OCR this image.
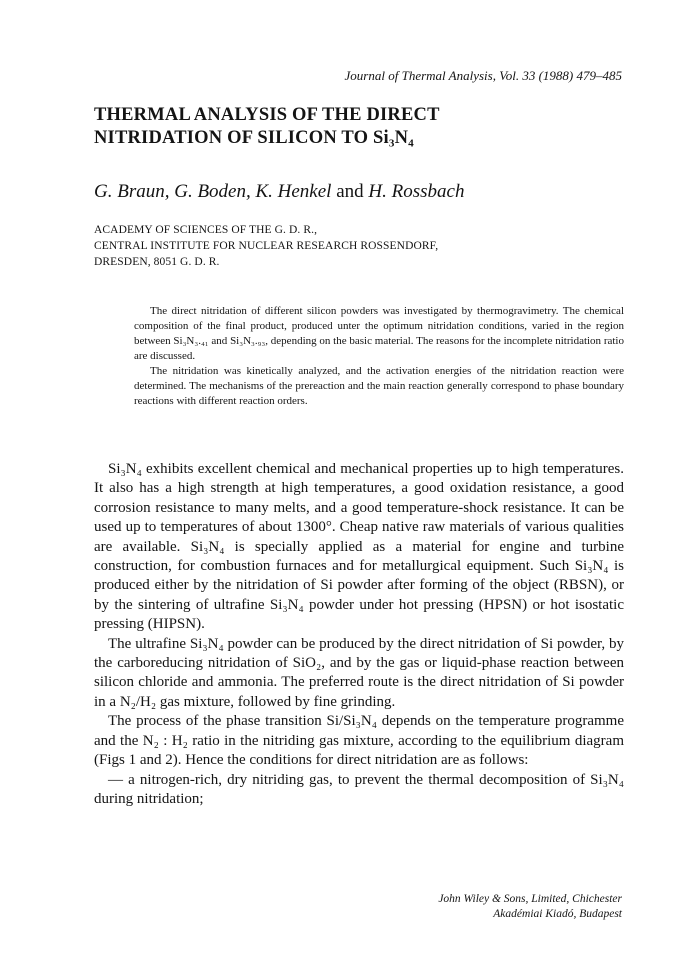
Journal of Thermal Analysis, Vol. 33 (1988) 479–485
THERMAL ANALYSIS OF THE DIRECT
NITRIDATION OF SILICON TO Si₃N₄
G. Braun, G. Boden, K. Henkel and H. Rossbach
ACADEMY OF SCIENCES OF THE G. D. R.,
CENTRAL INSTITUTE FOR NUCLEAR RESEARCH ROSSENDORF,
DRESDEN, 8051 G. D. R.

The direct nitridation of different silicon powders was investigated by thermogravimetry. The chemical composition of the final product, produced unter the optimum nitridation conditions, varied in the region between Si₃N₃.₄₁ and Si₃N₃.₉₃, depending on the basic material. The reasons for the incomplete nitridation ratio are discussed.

The nitridation was kinetically analyzed, and the activation energies of the nitridation reaction were determined. The mechanisms of the prereaction and the main reaction generally correspond to phase boundary reactions with different reaction orders.

Si₃N₄ exhibits excellent chemical and mechanical properties up to high temperatures. It also has a high strength at high temperatures, a good oxidation resistance, a good corrosion resistance to many melts, and a good temperature-shock resistance. It can be used up to temperatures of about 1300°. Cheap native raw materials of various qualities are available. Si₃N₄ is specially applied as a material for engine and turbine construction, for combustion furnaces and for metallurgical equipment. Such Si₃N₄ is produced either by the nitridation of Si powder after forming of the object (RBSN), or by the sintering of ultrafine Si₃N₄ powder under hot pressing (HPSN) or hot isostatic pressing (HIPSN).

The ultrafine Si₃N₄ powder can be produced by the direct nitridation of Si powder, by the carboreducing nitridation of SiO₂, and by the gas or liquid-phase reaction between silicon chloride and ammonia. The preferred route is the direct nitridation of Si powder in a N₂/H₂ gas mixture, followed by fine grinding.

The process of the phase transition Si/Si₃N₄ depends on the temperature programme and the N₂ : H₂ ratio in the nitriding gas mixture, according to the equilibrium diagram (Figs 1 and 2). Hence the conditions for direct nitridation are as follows:

— a nitrogen-rich, dry nitriding gas, to prevent the thermal decomposition of Si₃N₄ during nitridation;

John Wiley & Sons, Limited, Chichester
Akadémiai Kiadó, Budapest
